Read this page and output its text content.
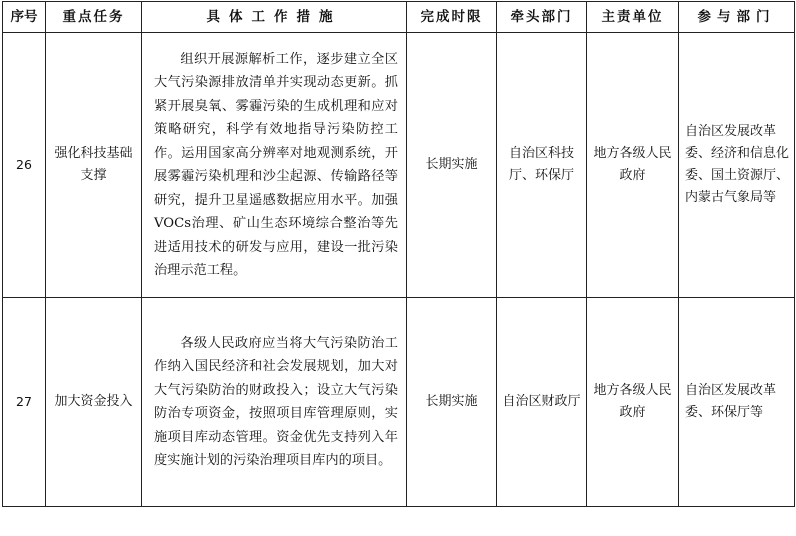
序号	重点任务	具体工作措施	完成时限	牵头部门	主责单位	参与部门
26	强化科技基础支撑	组织开展源解析工作，逐步建立全区大气污染源排放清单并实现动态更新。抓紧开展臭氧、雾霾污染的生成机理和应对策略研究，科学有效地指导污染防控工作。运用国家高分辨率对地观测系统，开展雾霾污染机理和沙尘起源、传输路径等研究，提升卫星遥感数据应用水平。加强VOCs治理、矿山生态环境综合整治等先进适用技术的研发与应用，建设一批污染治理示范工程。	长期实施	自治区科技厅、环保厅	地方各级人民政府	自治区发展改革委、经济和信息化委、国土资源厅、内蒙古气象局等
27	加大资金投入	各级人民政府应当将大气污染防治工作纳入国民经济和社会发展规划，加大对大气污染防治的财政投入；设立大气污染防治专项资金，按照项目库管理原则，实施项目库动态管理。资金优先支持列入年度实施计划的污染治理项目库内的项目。	长期实施	自治区财政厅	地方各级人民政府	自治区发展改革委、环保厅等
